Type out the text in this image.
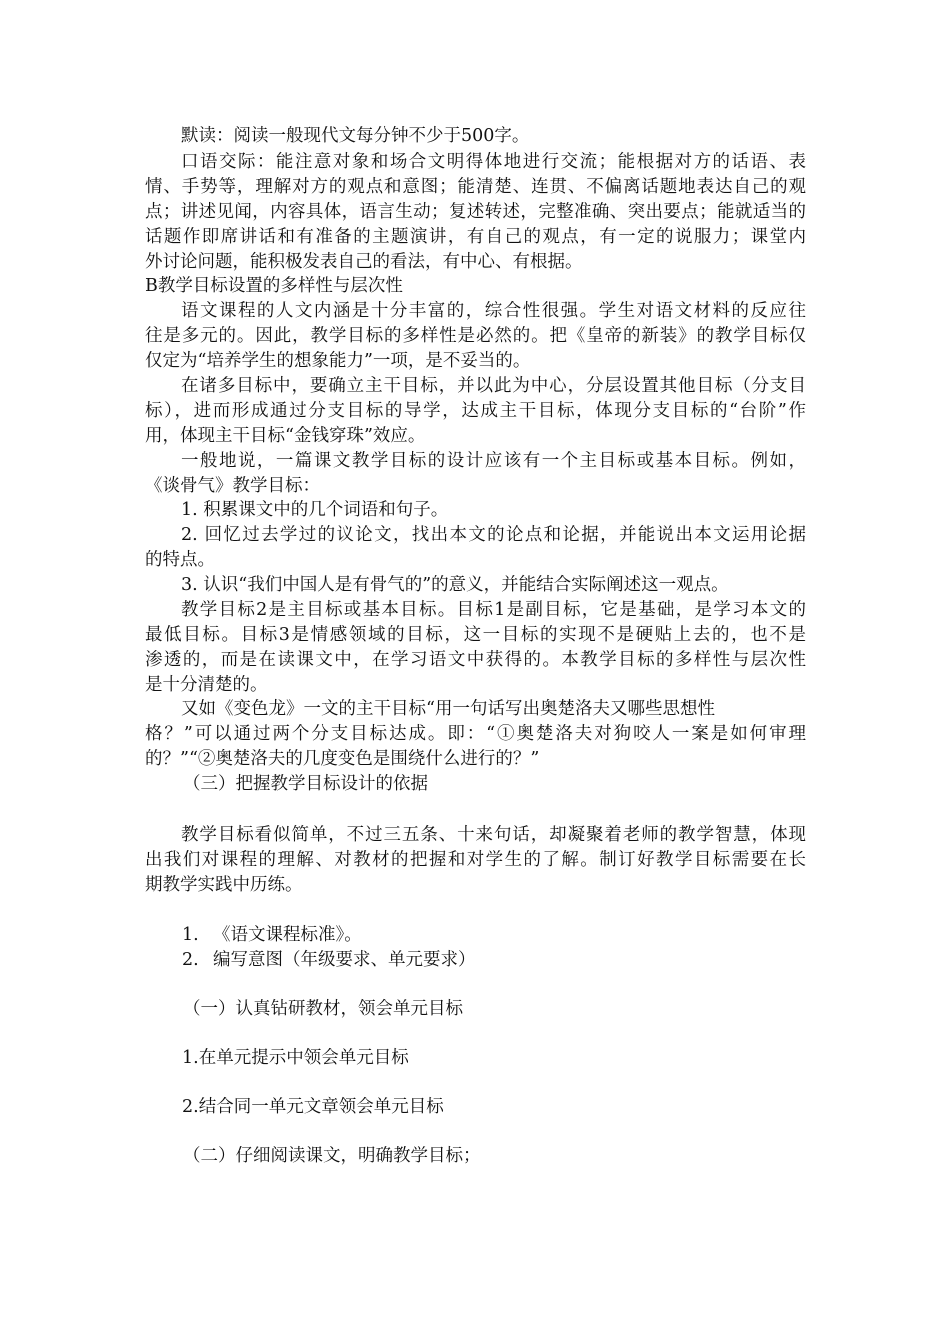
默读：阅读一般现代文每分钟不少于500字。

口语交际：能注意对象和场合文明得体地进行交流；能根据对方的话语、表

情、手势等，理解对方的观点和意图；能清楚、连贯、不偏离话题地表达自己的观

点；讲述见闻，内容具体，语言生动；复述转述，完整准确、突出要点；能就适当的

话题作即席讲话和有准备的主题演讲，有自己的观点，有一定的说服力；课堂内

外讨论问题，能积极发表自己的看法，有中心、有根据。

B教学目标设置的多样性与层次性

语文课程的人文内涵是十分丰富的，综合性很强。学生对语文材料的反应往

往是多元的。因此，教学目标的多样性是必然的。把《皇帝的新装》的教学目标仅

仅定为“培养学生的想象能力”一项，是不妥当的。

在诸多目标中，要确立主干目标，并以此为中心，分层设置其他目标（分支目

标），进而形成通过分支目标的导学，达成主干目标，体现分支目标的“台阶”作

用，体现主干目标“金钱穿珠”效应。

一般地说，一篇课文教学目标的设计应该有一个主目标或基本目标。例如，

《谈骨气》教学目标：

1. 积累课文中的几个词语和句子。

2. 回忆过去学过的议论文，找出本文的论点和论据，并能说出本文运用论据

的特点。

3. 认识“我们中国人是有骨气的”的意义，并能结合实际阐述这一观点。

教学目标2是主目标或基本目标。目标1是副目标，它是基础，是学习本文的

最低目标。目标3是情感领域的目标，这一目标的实现不是硬贴上去的，也不是

渗透的，而是在读课文中，在学习语文中获得的。本教学目标的多样性与层次性

是十分清楚的。

又如《变色龙》一文的主干目标“用一句话写出奥楚洛夫又哪些思想性

格？”可以通过两个分支目标达成。即：“①奥楚洛夫对狗咬人一案是如何审理

的？”“②奥楚洛夫的几度变色是围绕什么进行的？”

（三）把握教学目标设计的依据

教学目标看似简单，不过三五条、十来句话，却凝聚着老师的教学智慧，体现

出我们对课程的理解、对教材的把握和对学生的了解。制订好教学目标需要在长

期教学实践中历练。

1. 《语文课程标准》。

2. 编写意图（年级要求、单元要求）

（一）认真钻研教材，领会单元目标

1.在单元提示中领会单元目标

2.结合同一单元文章领会单元目标

（二）仔细阅读课文，明确教学目标；
